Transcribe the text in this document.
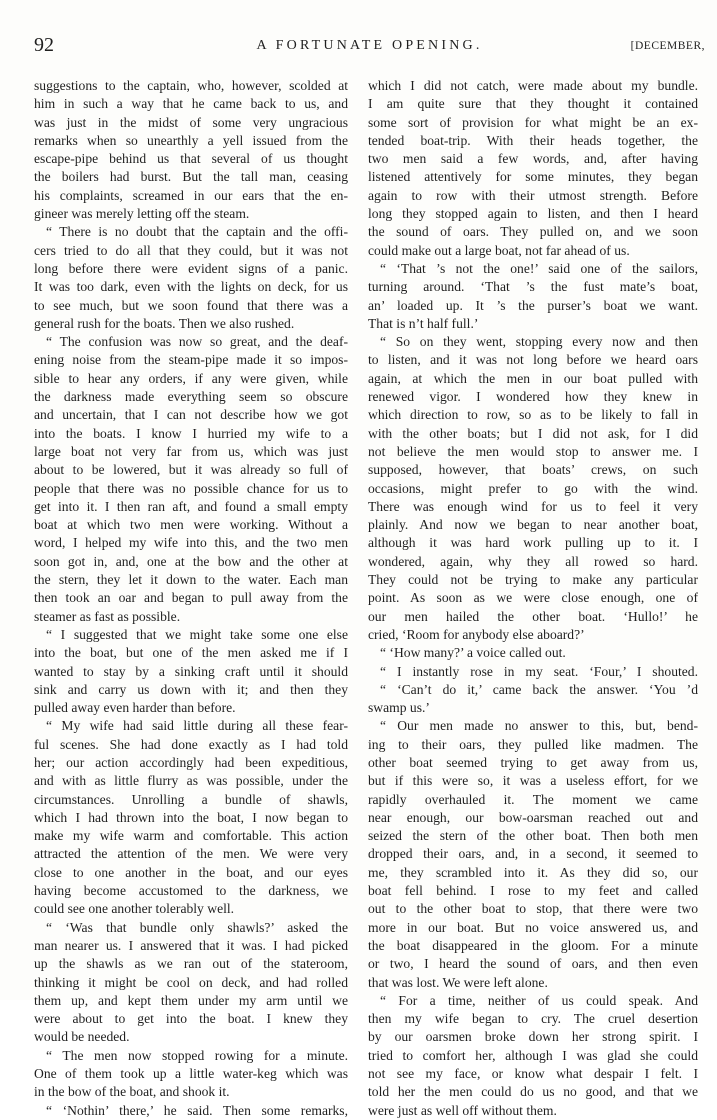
92	A FORTUNATE OPENING.	[DECEMBER,
suggestions to the captain, who, however, scolded at
him in such a way that he came back to us, and
was just in the midst of some very ungracious
remarks when so unearthly a yell issued from the
escape-pipe behind us that several of us thought
the boilers had burst. But the tall man, ceasing
his complaints, screamed in our ears that the en-
gineer was merely letting off the steam.
“ There is no doubt that the captain and the offi-
cers tried to do all that they could, but it was not
long before there were evident signs of a panic.
It was too dark, even with the lights on deck, for us
to see much, but we soon found that there was a
general rush for the boats. Then we also rushed.
“ The confusion was now so great, and the deaf-
ening noise from the steam-pipe made it so impos-
sible to hear any orders, if any were given, while
the darkness made everything seem so obscure
and uncertain, that I can not describe how we got
into the boats. I know I hurried my wife to a
large boat not very far from us, which was just
about to be lowered, but it was already so full of
people that there was no possible chance for us to
get into it. I then ran aft, and found a small empty
boat at which two men were working. Without a
word, I helped my wife into this, and the two men
soon got in, and, one at the bow and the other at
the stern, they let it down to the water. Each man
then took an oar and began to pull away from the
steamer as fast as possible.
“ I suggested that we might take some one else
into the boat, but one of the men asked me if I
wanted to stay by a sinking craft until it should
sink and carry us down with it; and then they
pulled away even harder than before.
“ My wife had said little during all these fear-
ful scenes. She had done exactly as I had told
her; our action accordingly had been expeditious,
and with as little flurry as was possible, under the
circumstances. Unrolling a bundle of shawls,
which I had thrown into the boat, I now began to
make my wife warm and comfortable. This action
attracted the attention of the men. We were very
close to one another in the boat, and our eyes
having become accustomed to the darkness, we
could see one another tolerably well.
“ ‘Was that bundle only shawls?’ asked the
man nearer us. I answered that it was. I had picked
up the shawls as we ran out of the stateroom,
thinking it might be cool on deck, and had rolled
them up, and kept them under my arm until we
were about to get into the boat. I knew they
would be needed.
“ The men now stopped rowing for a minute.
One of them took up a little water-keg which was
in the bow of the boat, and shook it.
“ ‘Nothin’ there,’ he said. Then some remarks,
which I did not catch, were made about my bundle.
I am quite sure that they thought it contained
some sort of provision for what might be an ex-
tended boat-trip. With their heads together, the
two men said a few words, and, after having
listened attentively for some minutes, they began
again to row with their utmost strength. Before
long they stopped again to listen, and then I heard
the sound of oars. They pulled on, and we soon
could make out a large boat, not far ahead of us.
“ ‘That ’s not the one!’ said one of the sailors,
turning around. ‘That ’s the fust mate’s boat,
an’ loaded up. It ’s the purser’s boat we want.
That is n’t half full.’
“ So on they went, stopping every now and then
to listen, and it was not long before we heard oars
again, at which the men in our boat pulled with
renewed vigor. I wondered how they knew in
which direction to row, so as to be likely to fall in
with the other boats; but I did not ask, for I did
not believe the men would stop to answer me. I
supposed, however, that boats’ crews, on such
occasions, might prefer to go with the wind.
There was enough wind for us to feel it very
plainly. And now we began to near another boat,
although it was hard work pulling up to it. I
wondered, again, why they all rowed so hard.
They could not be trying to make any particular
point. As soon as we were close enough, one of
our men hailed the other boat. ‘Hullo!’ he
cried, ‘Room for anybody else aboard?’
“ ‘How many?’ a voice called out.
“ I instantly rose in my seat. ‘Four,’ I shouted.
“ ‘Can’t do it,’ came back the answer. ‘You ’d
swamp us.’
“ Our men made no answer to this, but, bend-
ing to their oars, they pulled like madmen. The
other boat seemed trying to get away from us,
but if this were so, it was a useless effort, for we
rapidly overhauled it. The moment we came
near enough, our bow-oarsman reached out and
seized the stern of the other boat. Then both men
dropped their oars, and, in a second, it seemed to
me, they scrambled into it. As they did so, our
boat fell behind. I rose to my feet and called
out to the other boat to stop, that there were two
more in our boat. But no voice answered us, and
the boat disappeared in the gloom. For a minute
or two, I heard the sound of oars, and then even
that was lost. We were left alone.
“ For a time, neither of us could speak. And
then my wife began to cry. The cruel desertion
by our oarsmen broke down her strong spirit. I
tried to comfort her, although I was glad she could
not see my face, or know what despair I felt. I
told her the men could do us no good, and that we
were just as well off without them.
